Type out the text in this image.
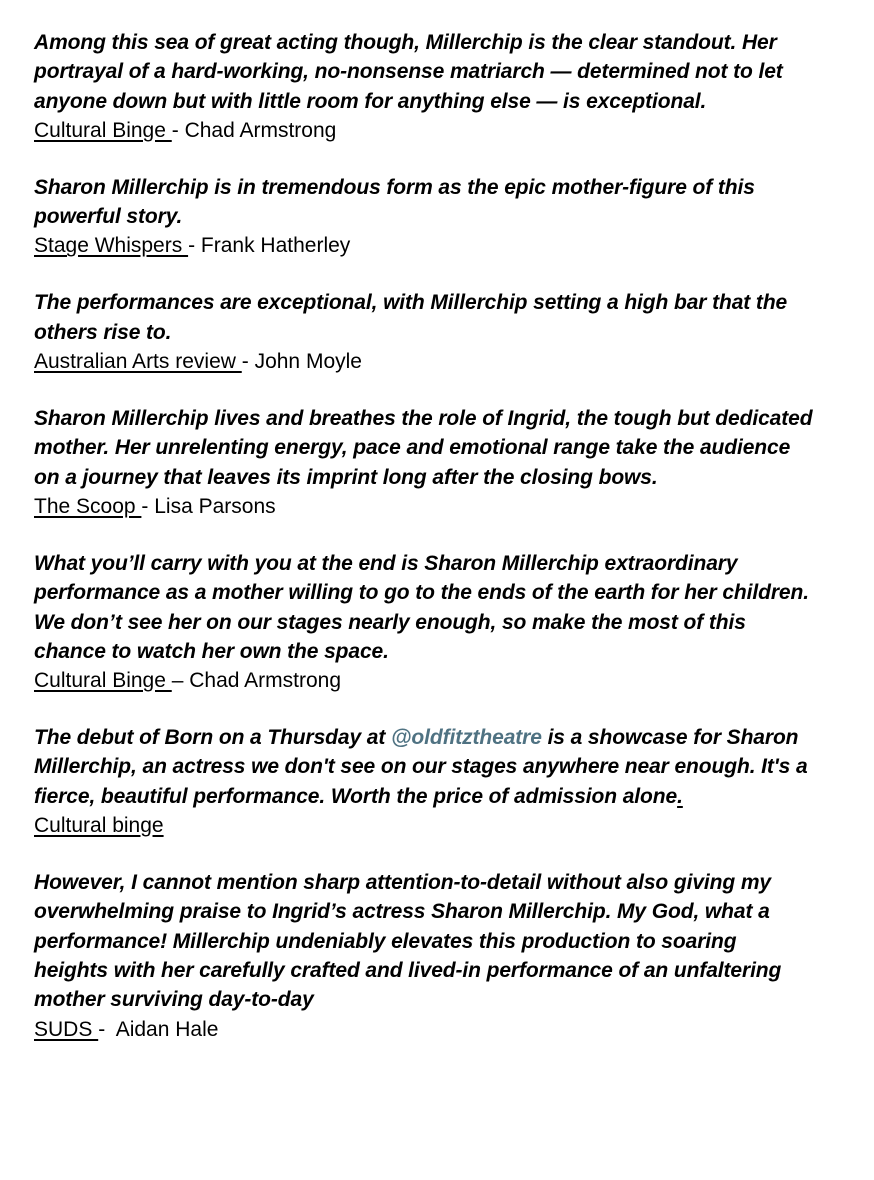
Among this sea of great acting though, Millerchip is the clear standout. Her portrayal of a hard-working, no-nonsense matriarch — determined not to let anyone down but with little room for anything else — is exceptional.

Cultural Binge - Chad Armstrong

Sharon Millerchip is in tremendous form as the epic mother-figure of this powerful story.

Stage Whispers - Frank Hatherley

The performances are exceptional, with Millerchip setting a high bar that the others rise to.

Australian Arts review - John Moyle

Sharon Millerchip lives and breathes the role of Ingrid, the tough but dedicated mother. Her unrelenting energy, pace and emotional range take the audience on a journey that leaves its imprint long after the closing bows.

The Scoop - Lisa Parsons

What you’ll carry with you at the end is Sharon Millerchip extraordinary performance as a mother willing to go to the ends of the earth for her children. We don’t see her on our stages nearly enough, so make the most of this chance to watch her own the space.

Cultural Binge – Chad Armstrong

The debut of Born on a Thursday at @oldfitztheatre is a showcase for Sharon Millerchip, an actress we don't see on our stages anywhere near enough. It's a fierce, beautiful performance. Worth the price of admission alone.

Cultural binge

However, I cannot mention sharp attention-to-detail without also giving my overwhelming praise to Ingrid’s actress Sharon Millerchip. My God, what a performance! Millerchip undeniably elevates this production to soaring heights with her carefully crafted and lived-in performance of an unfaltering mother surviving day-to-day

SUDS -  Aidan Hale
